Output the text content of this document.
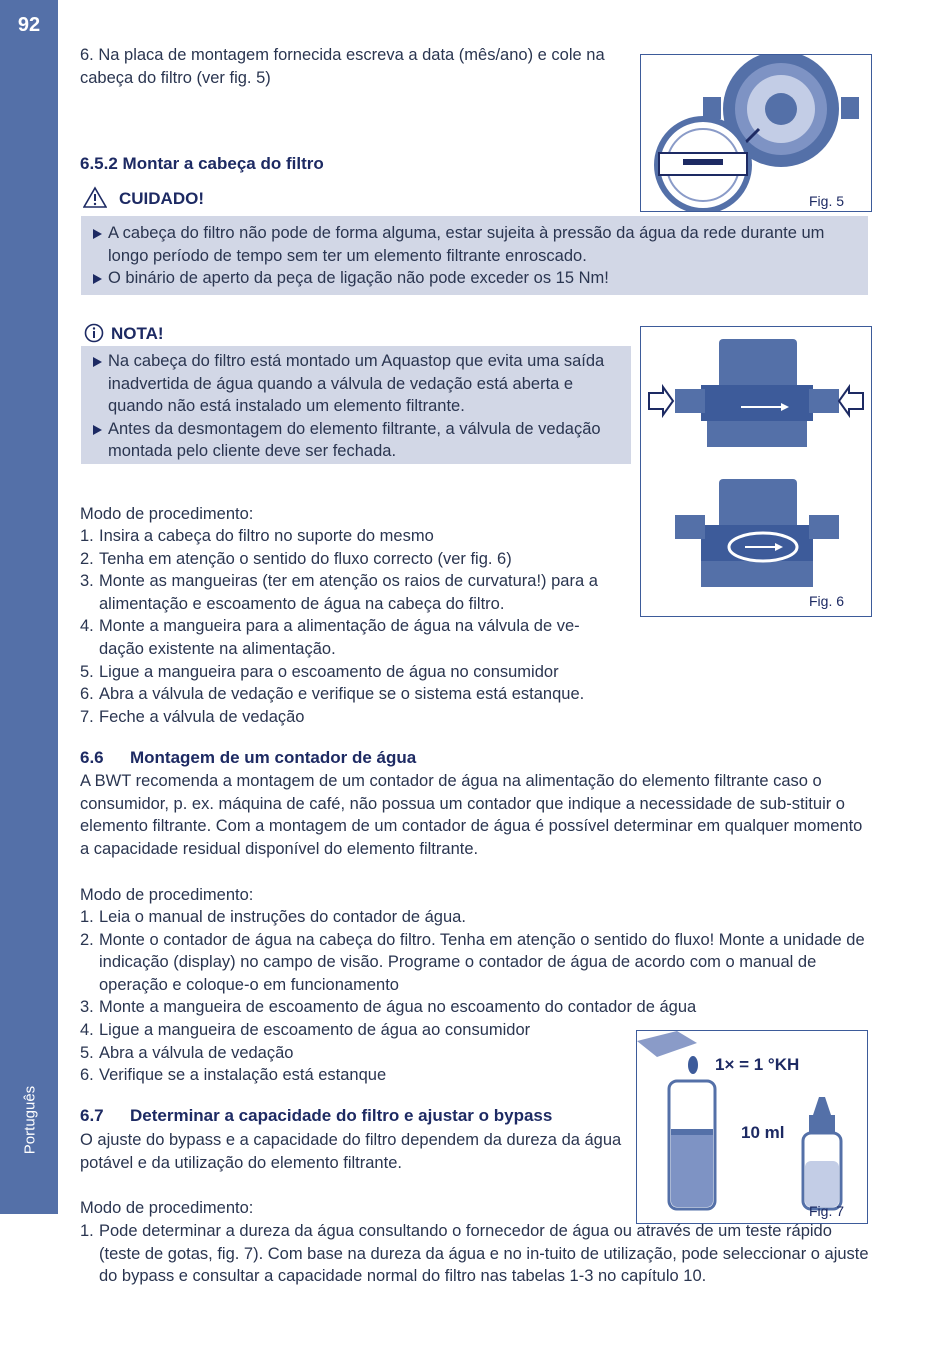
92
Português
6. Na placa de montagem fornecida escreva a data (mês/ano) e cole na cabeça do filtro (ver fig. 5)
Fig. 5
6.5.2 Montar a cabeça do filtro
CUIDADO!
A cabeça do filtro não pode de forma alguma, estar sujeita à pressão da água da rede durante um longo período de tempo sem ter um elemento filtrante enroscado.
O binário de aperto da peça de ligação não pode exceder os 15 Nm!
NOTA!
Na cabeça do filtro está montado um Aquastop que evita uma saída inadvertida de água quando a válvula de vedação está aberta e quando não está instalado um elemento filtrante.
Antes da desmontagem do elemento filtrante, a válvula de vedação montada pelo cliente deve ser fechada.
Fig. 6
Modo de procedimento:
1. Insira a cabeça do filtro no suporte do mesmo
2. Tenha em atenção o sentido do fluxo correcto (ver fig. 6)
3. Monte as mangueiras (ter em atenção os raios de curvatura!) para a alimentação e escoamento de água na cabeça do filtro.
4. Monte a mangueira para a alimentação de água na válvula de ve-dação existente na alimentação.
5. Ligue a mangueira para o escoamento de água no consumidor
6. Abra a válvula de vedação e verifique se o sistema está estanque.
7. Feche a válvula de vedação
6.6 Montagem de um contador de água
A BWT recomenda a montagem de um contador de água na alimentação do elemento filtrante caso o consumidor, p. ex. máquina de café, não possua um contador que indique a necessidade de sub-stituir o elemento filtrante. Com a montagem de um contador de água é possível determinar em qualquer momento a capacidade residual disponível do elemento filtrante.
Modo de procedimento:
1. Leia o manual de instruções do contador de água.
2. Monte o contador de água na cabeça do filtro. Tenha em atenção o sentido do fluxo! Monte a unidade de indicação (display) no campo de visão. Programe o contador de água de acordo com o manual de operação e coloque-o em funcionamento
3. Monte a mangueira de escoamento de água no escoamento do contador de água
4. Ligue a mangueira de escoamento de água ao consumidor
5. Abra a válvula de vedação
6. Verifique se a instalação está estanque
1× = 1 °KH
10 ml
Fig. 7
6.7 Determinar a capacidade do filtro e ajustar o bypass
O ajuste do bypass e a capacidade do filtro dependem da dureza da água potável e da utilização do elemento filtrante.
Modo de procedimento:
1. Pode determinar a dureza da água consultando o fornecedor de água ou através de um teste rápido (teste de gotas, fig. 7). Com base na dureza da água e no in-tuito de utilização, pode seleccionar o ajuste do bypass e consultar a capacidade normal do filtro nas tabelas 1-3 no capítulo 10.
